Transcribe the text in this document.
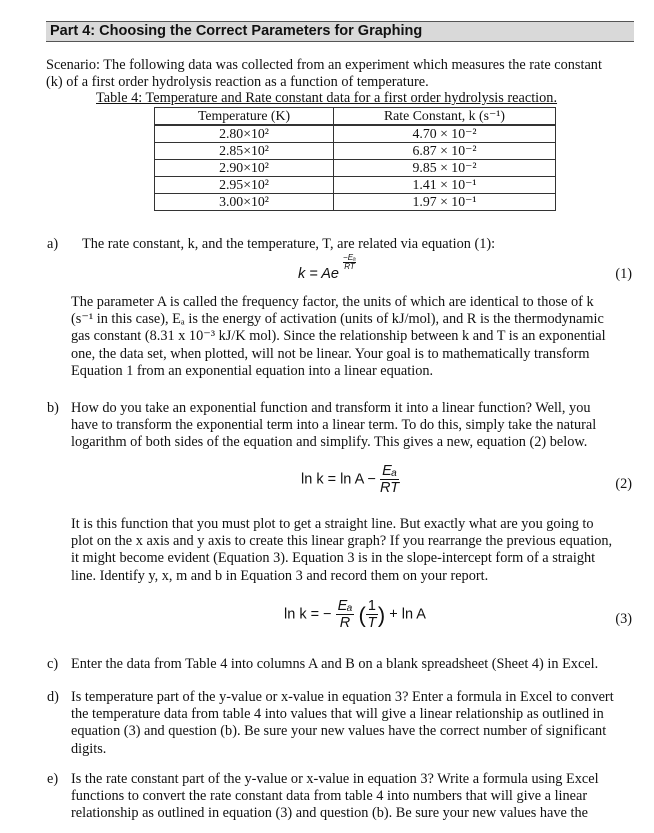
Part 4: Choosing the Correct Parameters for Graphing
Scenario: The following data was collected from an experiment which measures the rate constant
(k) of a first order hydrolysis reaction as a function of temperature.
Table 4: Temperature and Rate constant data for a first order hydrolysis reaction.
Temperature (K)	Rate Constant, k (s⁻¹)
2.80×10²	4.70 × 10⁻²
2.85×10²	6.87 × 10⁻²
2.90×10²	9.85 × 10⁻²
2.95×10²	1.41 × 10⁻¹
3.00×10²	1.97 × 10⁻¹
a) The rate constant, k, and the temperature, T, are related via equation (1):
k = Ae
$\frac{\text{−Eₐ}}{RT}$
(1)
The parameter A is called the frequency factor, the units of which are identical to those of k
(s⁻¹ in this case), Eₐ is the energy of activation (units of kJ/mol), and R is the thermodynamic
gas constant (8.31 x 10⁻³ kJ/K mol). Since the relationship between k and T is an exponential
one, the data set, when plotted, will not be linear. Your goal is to mathematically transform
Equation 1 from an exponential equation into a linear equation.
b) How do you take an exponential function and transform it into a linear function? Well, you
have to transform the exponential term into a linear term. To do this, simply take the natural
logarithm of both sides of the equation and simplify. This gives a new, equation (2) below.
$\ln k = \ln A - \frac{\text{Eₐ}}{RT}$	(2)
It is this function that you must plot to get a straight line. But exactly what are you going to
plot on the x axis and y axis to create this linear graph? If you rearrange the previous equation,
it might become evident (Equation 3). Equation 3 is in the slope-intercept form of a straight
line. Identify y, x, m and b in Equation 3 and record them on your report.
ln k = − $\frac{\text{Eₐ}}{R}$ ( $\frac{1}{T}$ ) + ln A	(3)
c) Enter the data from Table 4 into columns A and B on a blank spreadsheet (Sheet 4) in Excel.
d) Is temperature part of the y-value or x-value in equation 3? Enter a formula in Excel to convert
the temperature data from table 4 into values that will give a linear relationship as outlined in
equation (3) and question (b). Be sure your new values have the correct number of significant
digits.
e) Is the rate constant part of the y-value or x-value in equation 3? Write a formula using Excel
functions to convert the rate constant data from table 4 into numbers that will give a linear
relationship as outlined in equation (3) and question (b). Be sure your new values have the
